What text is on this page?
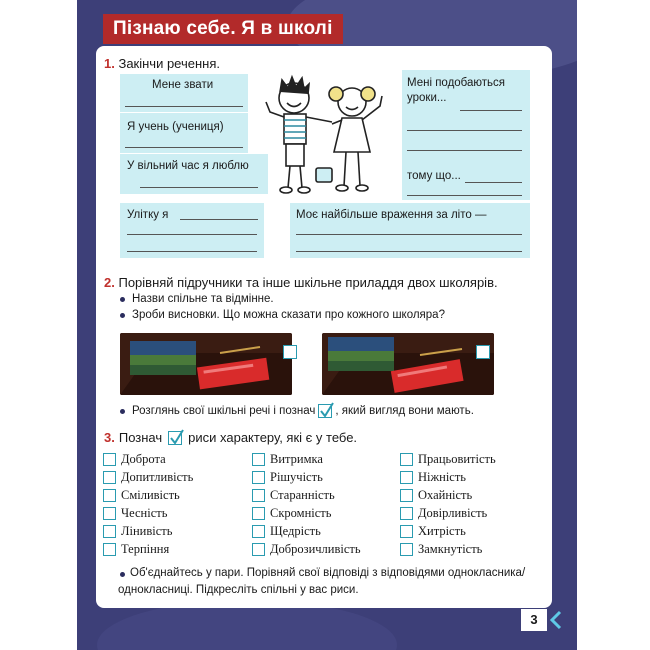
Пізнаю себе. Я в школі
1. Закінчи речення.
Мене звати
Я учень (учениця)
У вільний час я люблю
Мені подобаються уроки...
тому що...
Улітку я	Моє найбільше враження за літо —
2. Порівняй підручники та інше шкільне приладдя двох школярів.
Назви спільне та відмінне.
Зроби висновки. Що можна сказати про кожного школяра?
Розглянь свої шкільні речі і познач , який вигляд вони мають.
3. Познач риси характеру, які є у тебе.
Доброта
Допитливість
Сміливість
Чесність
Лінивість
Терпіння
Витримка
Рішучість
Старанність
Скромність
Щедрість
Доброзичливість
Працьовитість
Ніжність
Охайність
Довірливість
Хитрість
Замкнутість
Об'єднайтесь у пари. Порівняй свої відповіді з відповідями однокласника/однокласниці. Підкресліть спільні у вас риси.
3
